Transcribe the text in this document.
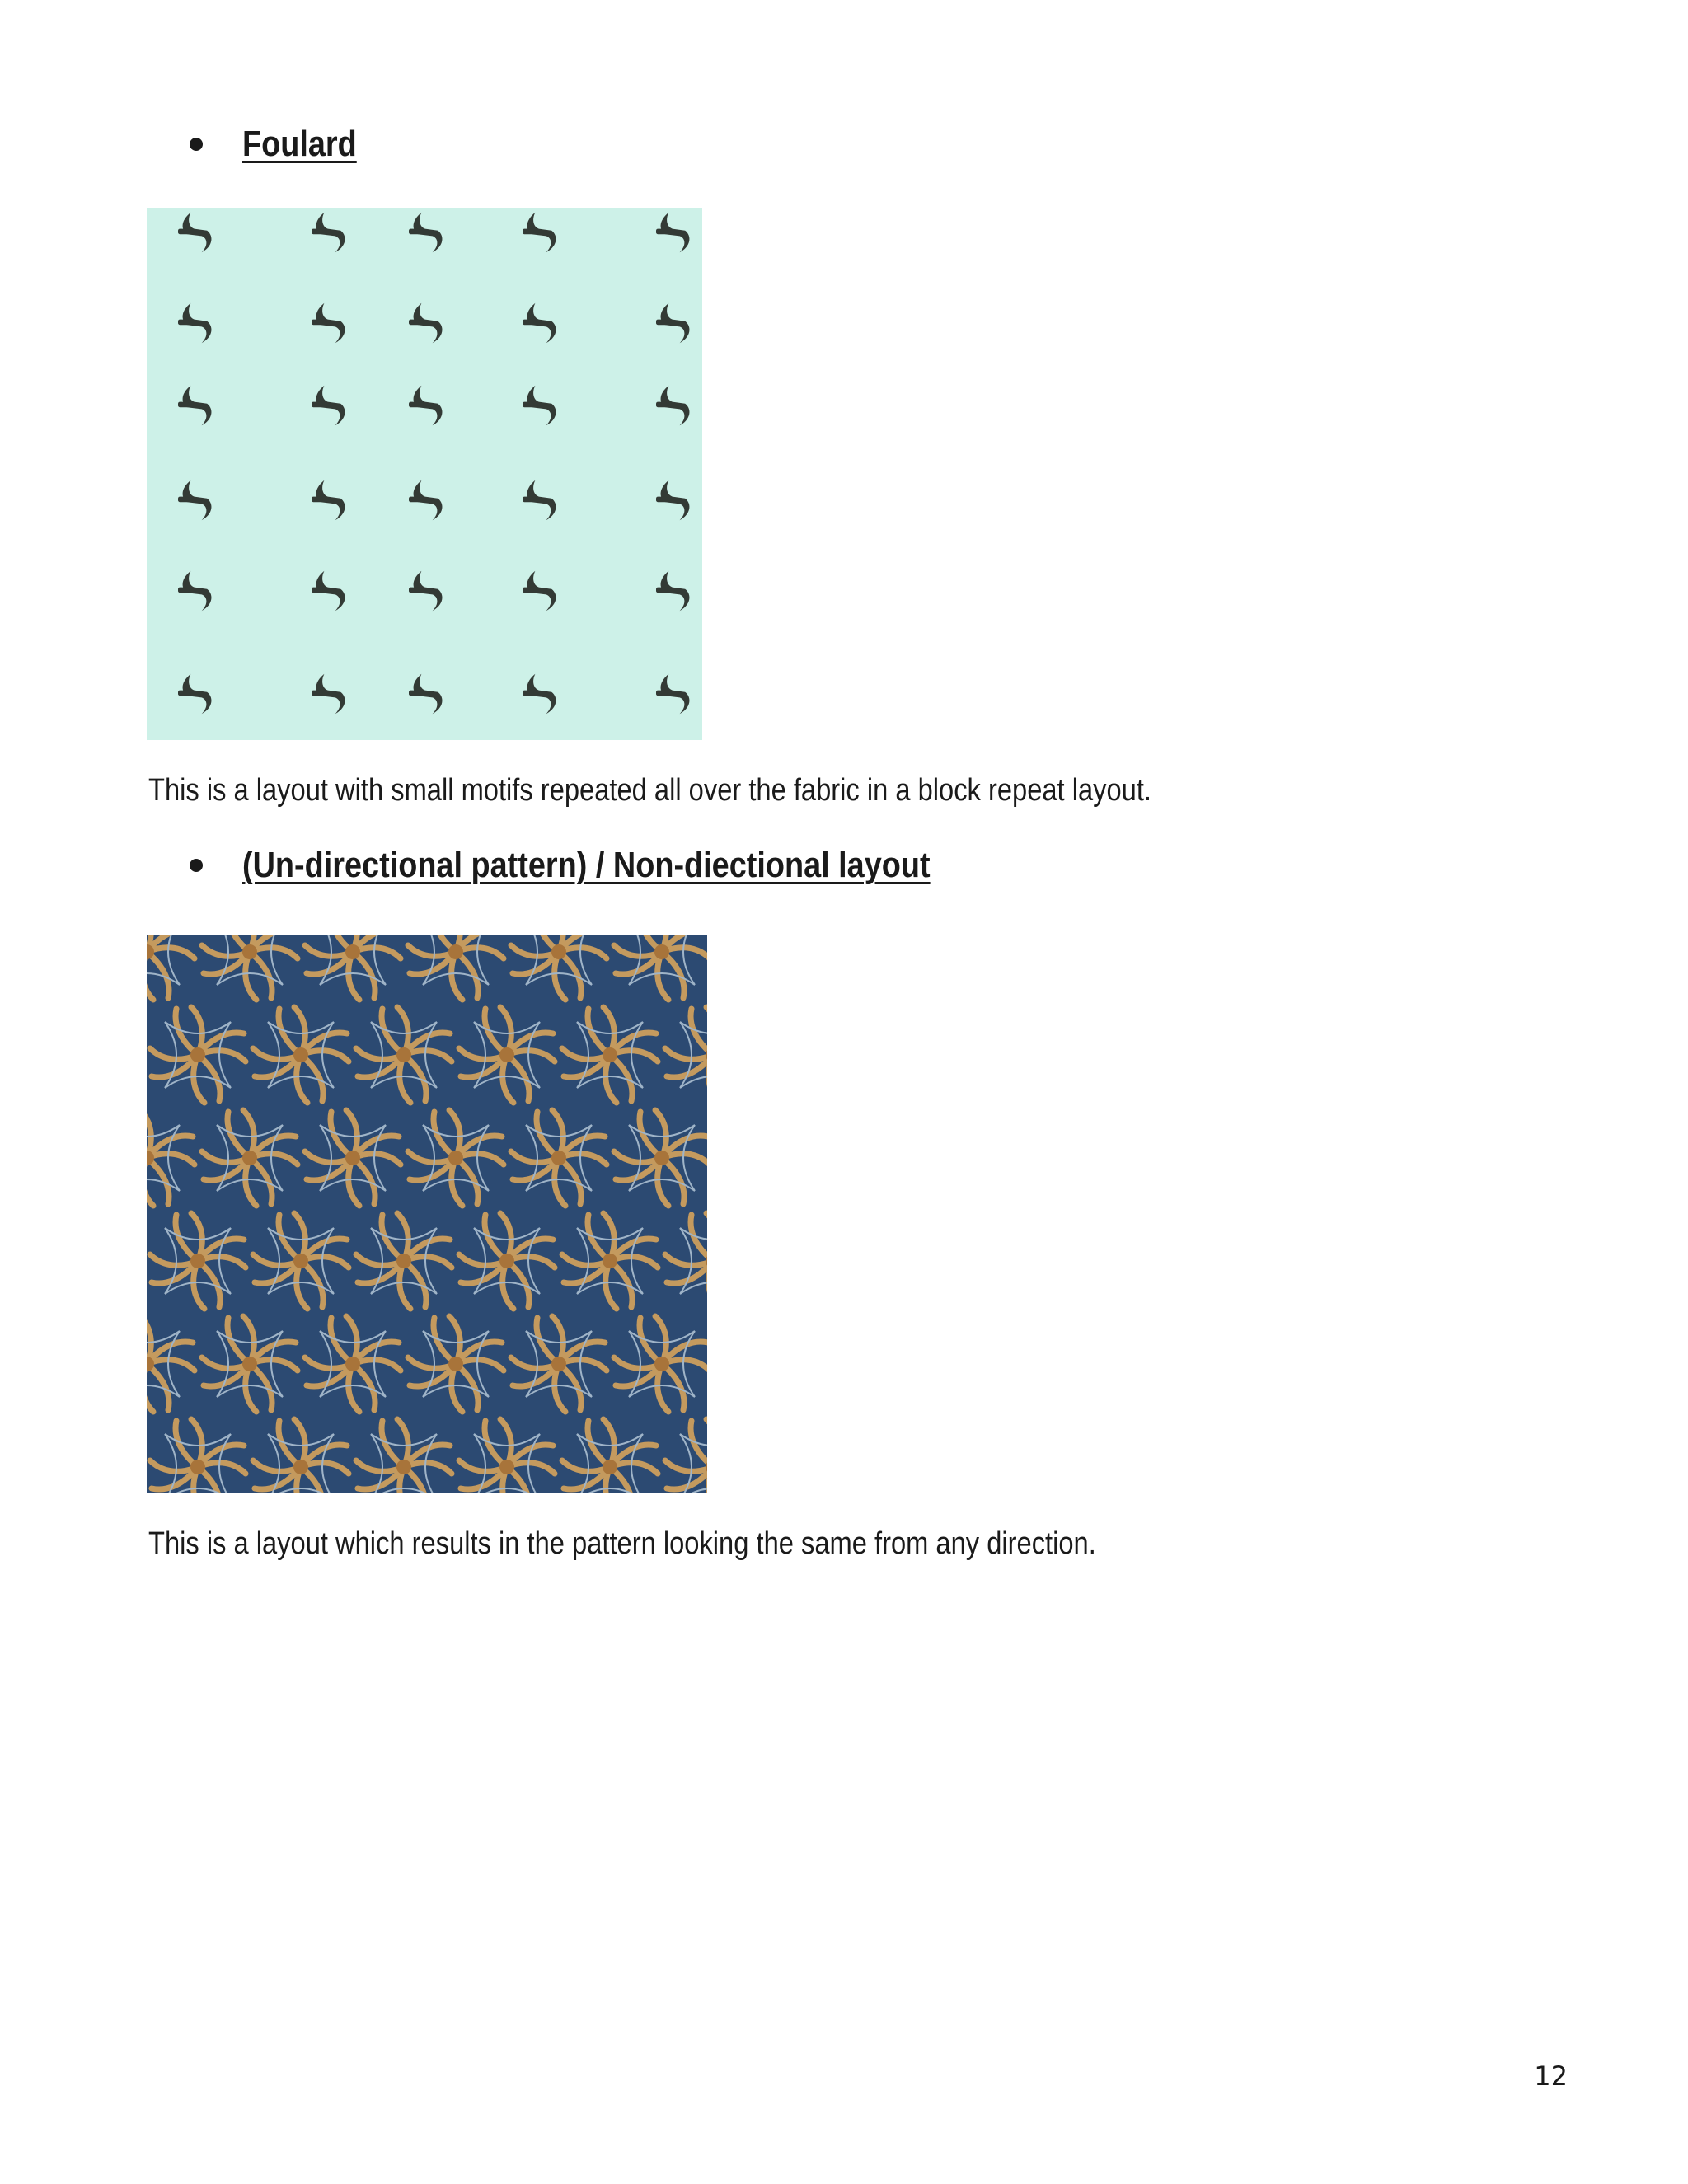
Foulard
This is a layout with small motifs repeated all over the fabric in a block repeat layout.
(Un-directional pattern) / Non-diectional layout
This is a layout which results in the pattern looking the same from any direction.
12
